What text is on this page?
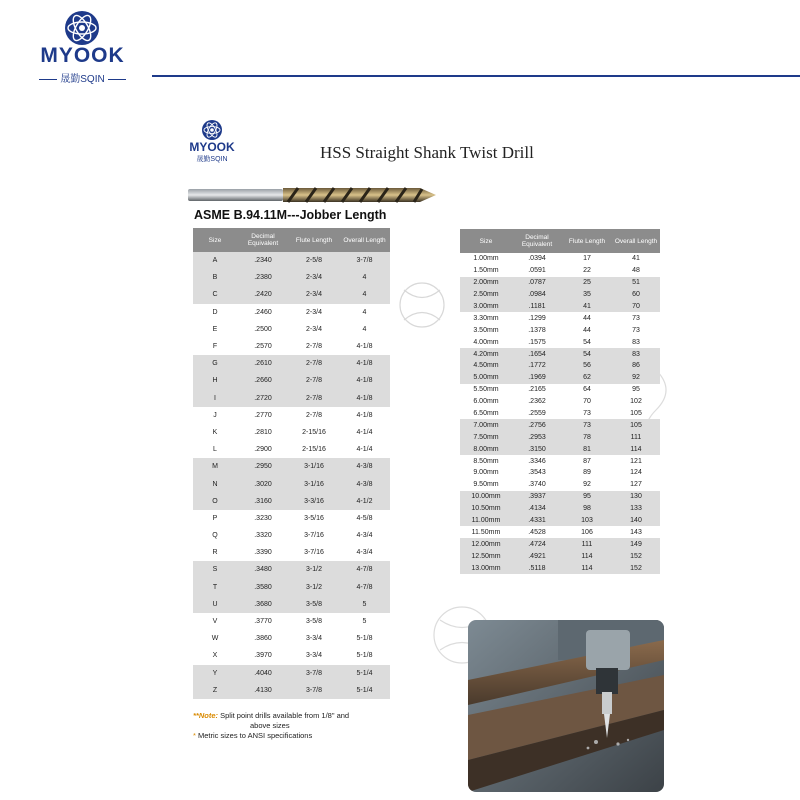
MYOOK
晟勤SQIN
MYOOK
晟勤SQIN	HSS Straight Shank Twist Drill
ASME B.94.11M---Jobber Length
Size	Decimal Equivalent	Flute Length	Overall Length
A	.2340	2-5/8	3-7/8
B	.2380	2-3/4	4
C	.2420	2-3/4	4
D	.2460	2-3/4	4
E	.2500	2-3/4	4
F	.2570	2-7/8	4-1/8
G	.2610	2-7/8	4-1/8
H	.2660	2-7/8	4-1/8
I	.2720	2-7/8	4-1/8
J	.2770	2-7/8	4-1/8
K	.2810	2-15/16	4-1/4
L	.2900	2-15/16	4-1/4
M	.2950	3-1/16	4-3/8
N	.3020	3-1/16	4-3/8
O	.3160	3-3/16	4-1/2
P	.3230	3-5/16	4-5/8
Q	.3320	3-7/16	4-3/4
R	.3390	3-7/16	4-3/4
S	.3480	3-1/2	4-7/8
T	.3580	3-1/2	4-7/8
U	.3680	3-5/8	5
V	.3770	3-5/8	5
W	.3860	3-3/4	5-1/8
X	.3970	3-3/4	5-1/8
Y	.4040	3-7/8	5-1/4
Z	.4130	3-7/8	5-1/4
Size	Decimal Equivalent	Flute Length	Overall Length
1.00mm	.0394	17	41
1.50mm	.0591	22	48
2.00mm	.0787	25	51
2.50mm	.0984	35	60
3.00mm	.1181	41	70
3.30mm	.1299	44	73
3.50mm	.1378	44	73
4.00mm	.1575	54	83
4.20mm	.1654	54	83
4.50mm	.1772	56	86
5.00mm	.1969	62	92
5.50mm	.2165	64	95
6.00mm	.2362	70	102
6.50mm	.2559	73	105
7.00mm	.2756	73	105
7.50mm	.2953	78	111
8.00mm	.3150	81	114
8.50mm	.3346	87	121
9.00mm	.3543	89	124
9.50mm	.3740	92	127
10.00mm	.3937	95	130
10.50mm	.4134	98	133
11.00mm	.4331	103	140
11.50mm	.4528	106	143
12.00mm	.4724	111	149
12.50mm	.4921	114	152
13.00mm	.5118	114	152
**Note: Split point drills available from 1/8" and
above sizes
* Metric sizes to ANSI specifications
